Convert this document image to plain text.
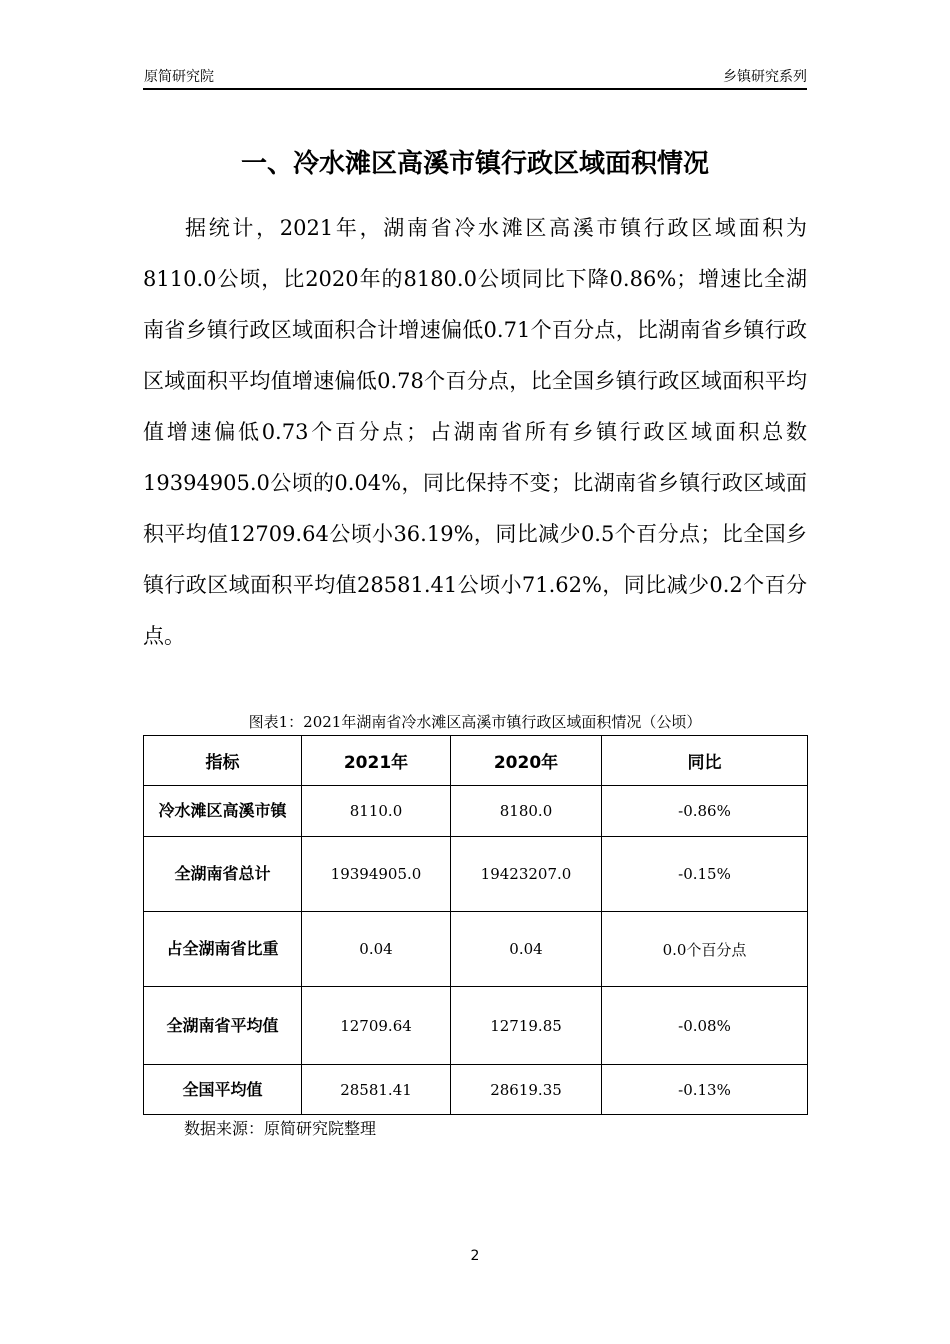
原简研究院	乡镇研究系列
一、冷水滩区高溪市镇行政区域面积情况

据统计，2021年，湖南省冷水滩区高溪市镇行政区域面积为8110.0公顷，比2020年的8180.0公顷同比下降0.86%；增速比全湖南省乡镇行政区域面积合计增速偏低0.71个百分点，比湖南省乡镇行政区域面积平均值增速偏低0.78个百分点，比全国乡镇行政区域面积平均值增速偏低0.73个百分点；占湖南省所有乡镇行政区域面积总数19394905.0公顷的0.04%，同比保持不变；比湖南省乡镇行政区域面积平均值12709.64公顷小36.19%，同比减少0.5个百分点；比全国乡镇行政区域面积平均值28581.41公顷小71.62%，同比减少0.2个百分点。

图表1：2021年湖南省冷水滩区高溪市镇行政区域面积情况（公顷）
指标	2021年	2020年	同比
冷水滩区高溪市镇	8110.0	8180.0	-0.86%
全湖南省总计	19394905.0	19423207.0	-0.15%
占全湖南省比重	0.04	0.04	0.0个百分点
全湖南省平均值	12709.64	12719.85	-0.08%
全国平均值	28581.41	28619.35	-0.13%
数据来源：原简研究院整理
2
